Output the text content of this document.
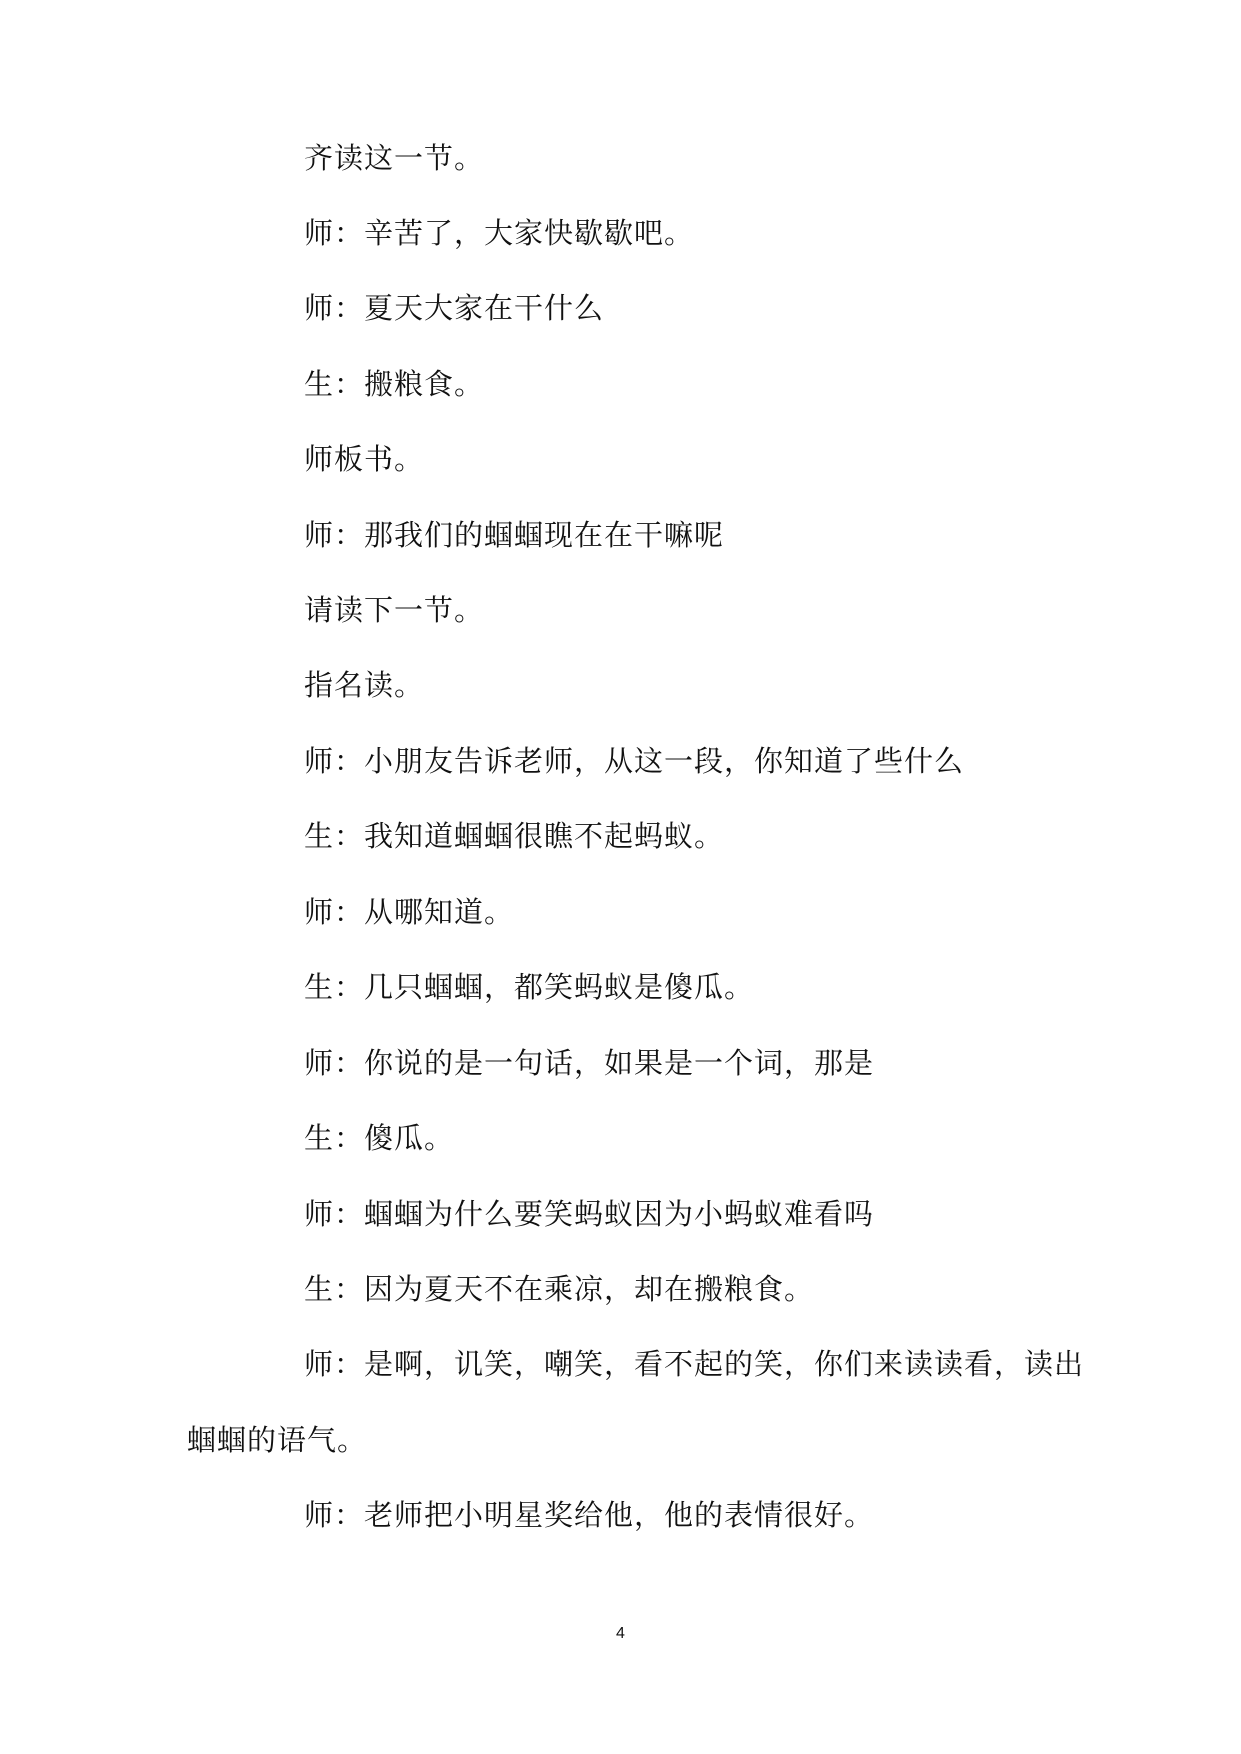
齐读这一节。
师：辛苦了，大家快歇歇吧。
师：夏天大家在干什么
生：搬粮食。
师板书。
师：那我们的蝈蝈现在在干嘛呢
请读下一节。
指名读。
师：小朋友告诉老师，从这一段，你知道了些什么
生：我知道蝈蝈很瞧不起蚂蚁。
师：从哪知道。
生：几只蝈蝈，都笑蚂蚁是傻瓜。
师：你说的是一句话，如果是一个词，那是
生：傻瓜。
师：蝈蝈为什么要笑蚂蚁因为小蚂蚁难看吗
生：因为夏天不在乘凉，却在搬粮食。
师：是啊，讥笑，嘲笑，看不起的笑，你们来读读看，读出
蝈蝈的语气。
师：老师把小明星奖给他，他的表情很好。
4
